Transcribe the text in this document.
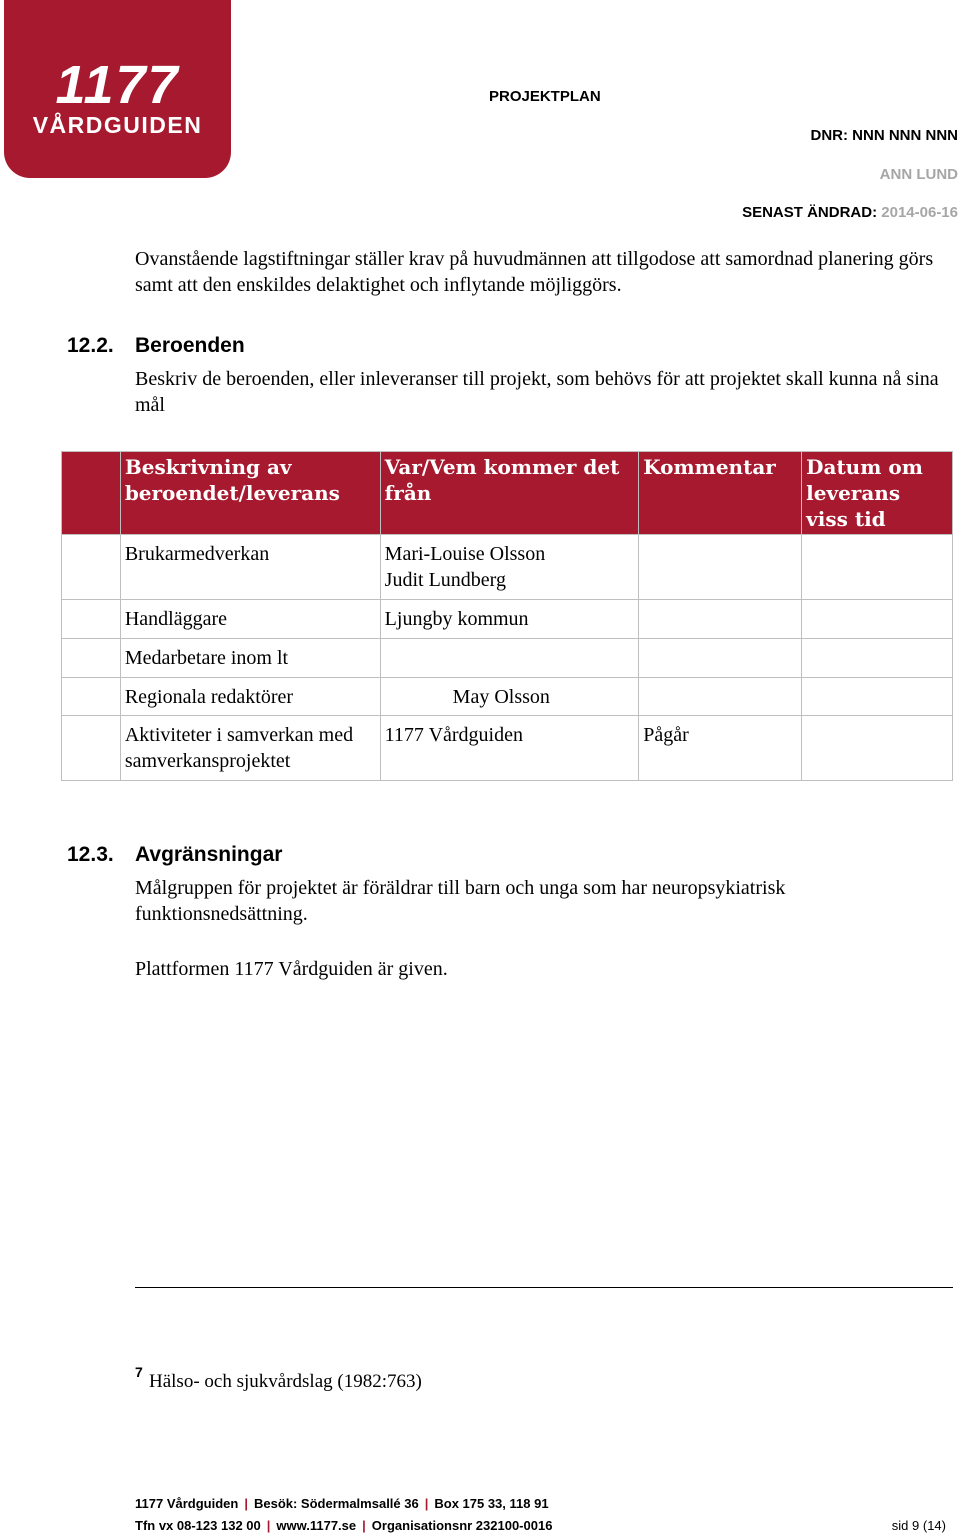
1177
VÅRDGUIDEN
PROJEKTPLAN
DNR: NNN NNN NNN
ANN LUND
SENAST ÄNDRAD: 2014-06-16
Ovanstående lagstiftningar ställer krav på huvudmännen att tillgodose att samordnad planering görs samt att den enskildes delaktighet och inflytande möjliggörs.
12.2. Beroenden
Beskriv de beroenden, eller inleveranser till projekt, som behövs för att projektet skall kunna nå sina mål
	Beskrivning av beroendet/leverans	Var/Vem kommer det från	Kommentar	Datum om leverans viss tid
	Brukarmedverkan	Mari-Louise Olsson
Judit Lundberg		
	Handläggare	Ljungby kommun		
	Medarbetare inom lt			
	Regionala redaktörer	May Olsson		
	Aktiviteter i samverkan med samverkansprojektet	1177 Vårdguiden	Pågår	
12.3. Avgränsningar
Målgruppen för projektet är föräldrar till barn och unga som har neuropsykiatrisk funktionsnedsättning.
Plattformen 1177 Vårdguiden är given.
7 Hälso- och sjukvårdslag (1982:763)
1177 Vårdguiden | Besök: Södermalmsallé 36 | Box 175 33, 118 91
Tfn vx 08-123 132 00 | www.1177.se | Organisationsnr 232100-0016	sid 9 (14)
